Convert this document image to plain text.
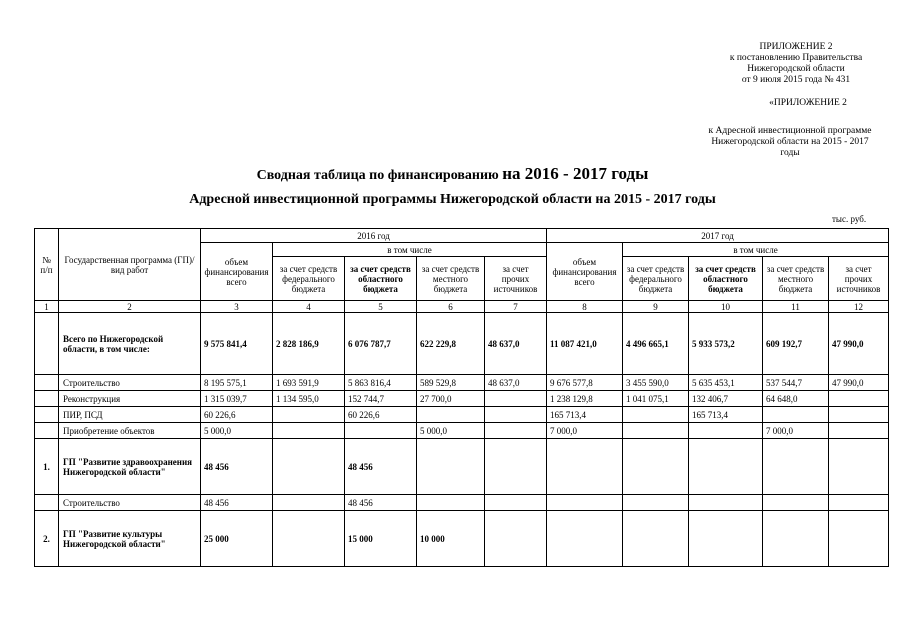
ПРИЛОЖЕНИЕ 2
к постановлению Правительства
Нижегородской области
от 9 июля 2015 года № 431
«ПРИЛОЖЕНИЕ 2
к Адресной инвестиционной программе
Нижегородской области на 2015 - 2017
годы
Сводная таблица по финансированию на 2016 - 2017 годы
Адресной инвестиционной программы Нижегородской области на 2015 - 2017 годы
тыс. руб.
№ п/п	Государственная программа (ГП)/ вид работ	2016 год					2017 год				
		объем финансирования всего	в том числе				объем финансирования всего	в том числе			
			за счет средств федерального бюджета	за счет средств областного бюджета	за счет средств местного бюджета	за счет прочих источников		за счет средств федерального бюджета	за счет средств областного бюджета	за счет средств местного бюджета	за счет прочих источников
1	2	3	4	5	6	7	8	9	10	11	12
	Всего по Нижегородской области, в том числе:	9 575 841,4	2 828 186,9	6 076 787,7	622 229,8	48 637,0	11 087 421,0	4 496 665,1	5 933 573,2	609 192,7	47 990,0
	Строительство	8 195 575,1	1 693 591,9	5 863 816,4	589 529,8	48 637,0	9 676 577,8	3 455 590,0	5 635 453,1	537 544,7	47 990,0
	Реконструкция	1 315 039,7	1 134 595,0	152 744,7	27 700,0		1 238 129,8	1 041 075,1	132 406,7	64 648,0	
	ПИР, ПСД	60 226,6		60 226,6			165 713,4		165 713,4		
	Приобретение объектов	5 000,0			5 000,0		7 000,0			7 000,0	
1.	ГП "Развитие здравоохранения Нижегородской области"	48 456		48 456							
	Строительство	48 456		48 456							
2.	ГП "Развитие культуры Нижегородской области"	25 000		15 000	10 000						
